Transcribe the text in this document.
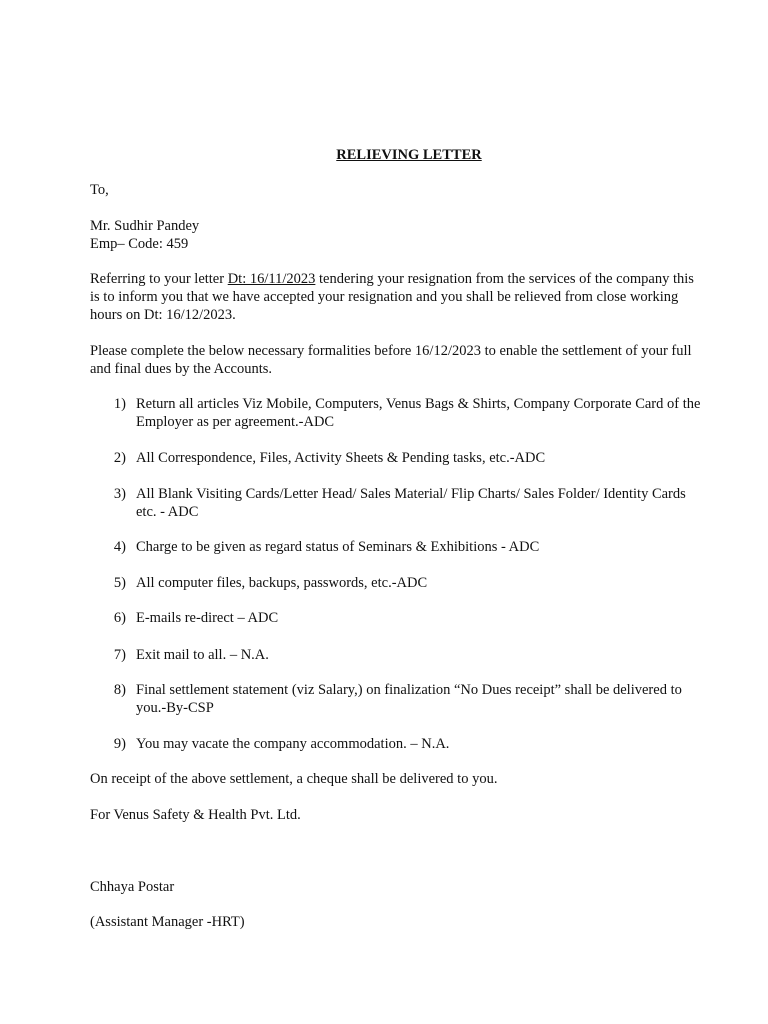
RELIEVING LETTER
To,
Mr. Sudhir Pandey
Emp– Code: 459
Referring to your letter Dt: 16/11/2023 tendering your resignation from the services of the company this
is to inform you that we have accepted your resignation and you shall be relieved from close working
hours on Dt: 16/12/2023.
Please complete the below necessary formalities before 16/12/2023 to enable the settlement of your full
and final dues by the Accounts.
1) Return all articles Viz Mobile, Computers, Venus Bags & Shirts, Company Corporate Card of the
Employer as per agreement.-ADC
2) All Correspondence, Files, Activity Sheets & Pending tasks, etc.-ADC
3) All Blank Visiting Cards/Letter Head/ Sales Material/ Flip Charts/ Sales Folder/ Identity Cards
etc. - ADC
4) Charge to be given as regard status of Seminars & Exhibitions - ADC
5) All computer files, backups, passwords, etc.-ADC
6) E-mails re-direct – ADC
7) Exit mail to all. – N.A.
8) Final settlement statement (viz Salary,) on finalization “No Dues receipt” shall be delivered to
you.-By-CSP
9) You may vacate the company accommodation. – N.A.
On receipt of the above settlement, a cheque shall be delivered to you.
For Venus Safety & Health Pvt. Ltd.
Chhaya Postar
(Assistant Manager -HRT)
